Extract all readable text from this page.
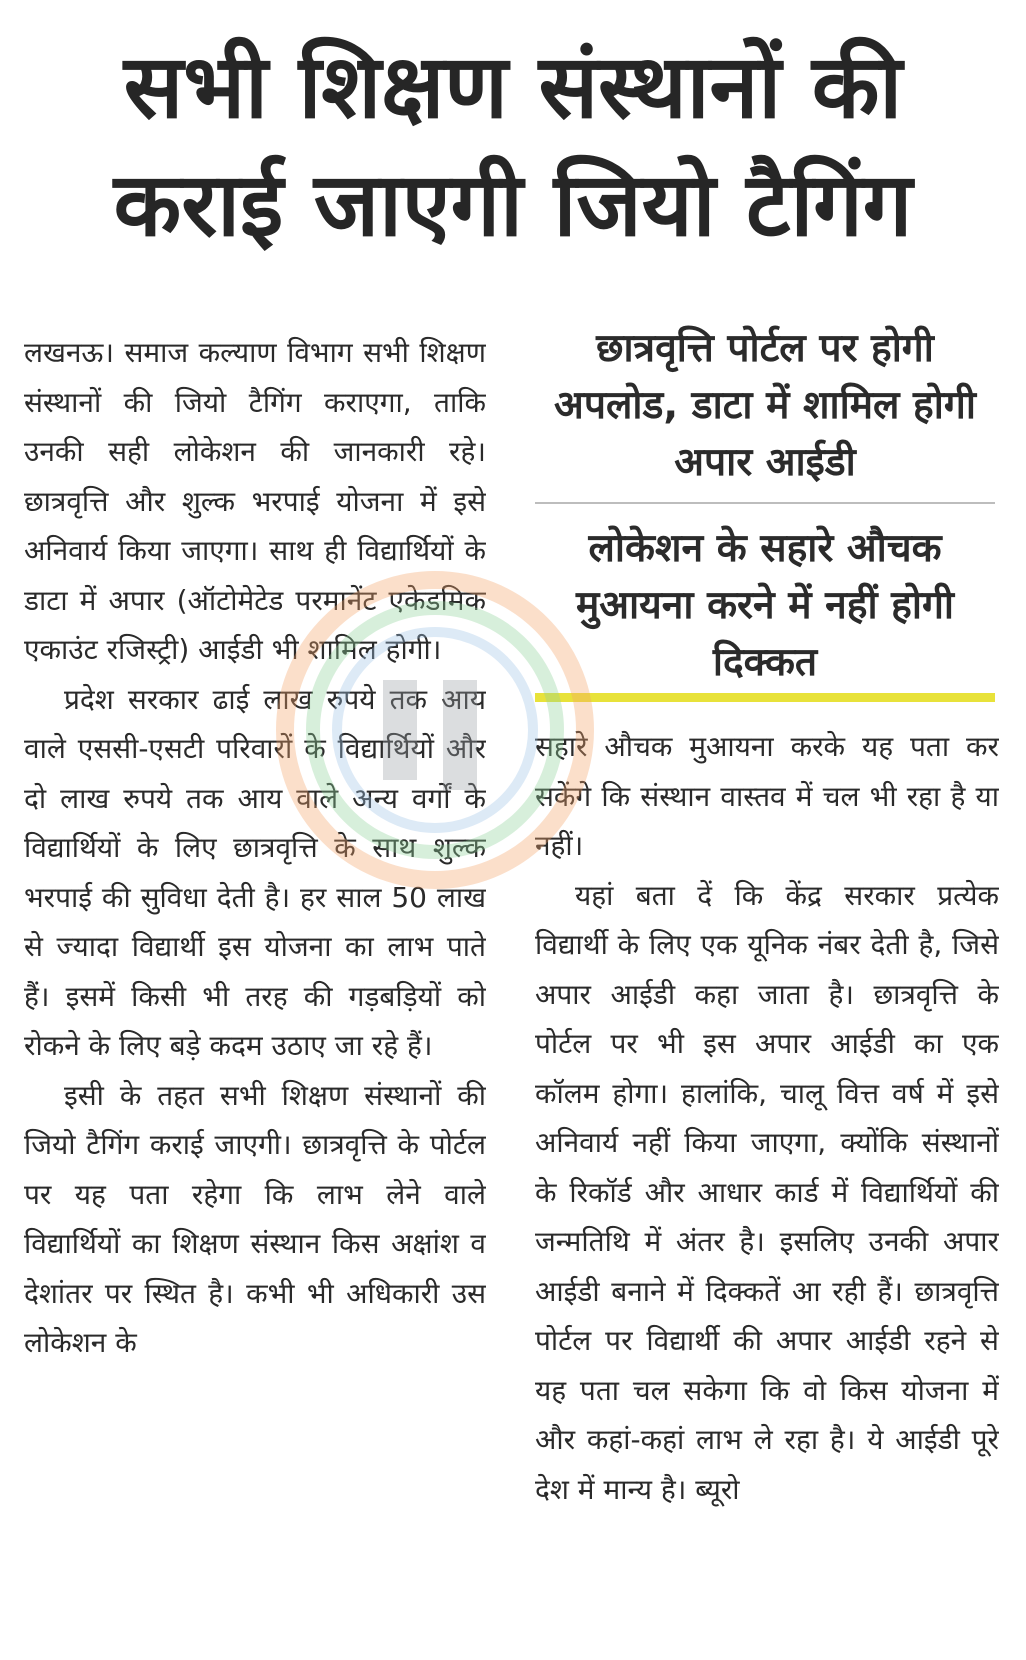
सभी शिक्षण संस्थानों की
कराई जाएगी जियो टैगिंग

लखनऊ। समाज कल्याण विभाग सभी शिक्षण संस्थानों की जियो टैगिंग कराएगा, ताकि उनकी सही लोकेशन की जानकारी रहे। छात्रवृत्ति और शुल्क भरपाई योजना में इसे अनिवार्य किया जाएगा। साथ ही विद्यार्थियों के डाटा में अपार (ऑटोमेटेड परमानेंट एकेडमिक एकाउंट रजिस्ट्री) आईडी भी शामिल होगी।

प्रदेश सरकार ढाई लाख रुपये तक आय वाले एससी-एसटी परिवारों के विद्यार्थियों और दो लाख रुपये तक आय वाले अन्य वर्गों के विद्यार्थियों के लिए छात्रवृत्ति के साथ शुल्क भरपाई की सुविधा देती है। हर साल 50 लाख से ज्यादा विद्यार्थी इस योजना का लाभ पाते हैं। इसमें किसी भी तरह की गड़बड़ियों को रोकने के लिए बड़े कदम उठाए जा रहे हैं।

इसी के तहत सभी शिक्षण संस्थानों की जियो टैगिंग कराई जाएगी। छात्रवृत्ति के पोर्टल पर यह पता रहेगा कि लाभ लेने वाले विद्यार्थियों का शिक्षण संस्थान किस अक्षांश व देशांतर पर स्थित है। कभी भी अधिकारी उस लोकेशन के

छात्रवृत्ति पोर्टल पर होगी अपलोड, डाटा में शामिल होगी अपार आईडी
लोकेशन के सहारे औचक मुआयना करने में नहीं होगी दिक्कत

सहारे औचक मुआयना करके यह पता कर सकेंगे कि संस्थान वास्तव में चल भी रहा है या नहीं।

यहां बता दें कि केंद्र सरकार प्रत्येक विद्यार्थी के लिए एक यूनिक नंबर देती है, जिसे अपार आईडी कहा जाता है। छात्रवृत्ति के पोर्टल पर भी इस अपार आईडी का एक कॉलम होगा। हालांकि, चालू वित्त वर्ष में इसे अनिवार्य नहीं किया जाएगा, क्योंकि संस्थानों के रिकॉर्ड और आधार कार्ड में विद्यार्थियों की जन्मतिथि में अंतर है। इसलिए उनकी अपार आईडी बनाने में दिक्कतें आ रही हैं। छात्रवृत्ति पोर्टल पर विद्यार्थी की अपार आईडी रहने से यह पता चल सकेगा कि वो किस योजना में और कहां-कहां लाभ ले रहा है। ये आईडी पूरे देश में मान्य है। ब्यूरो
